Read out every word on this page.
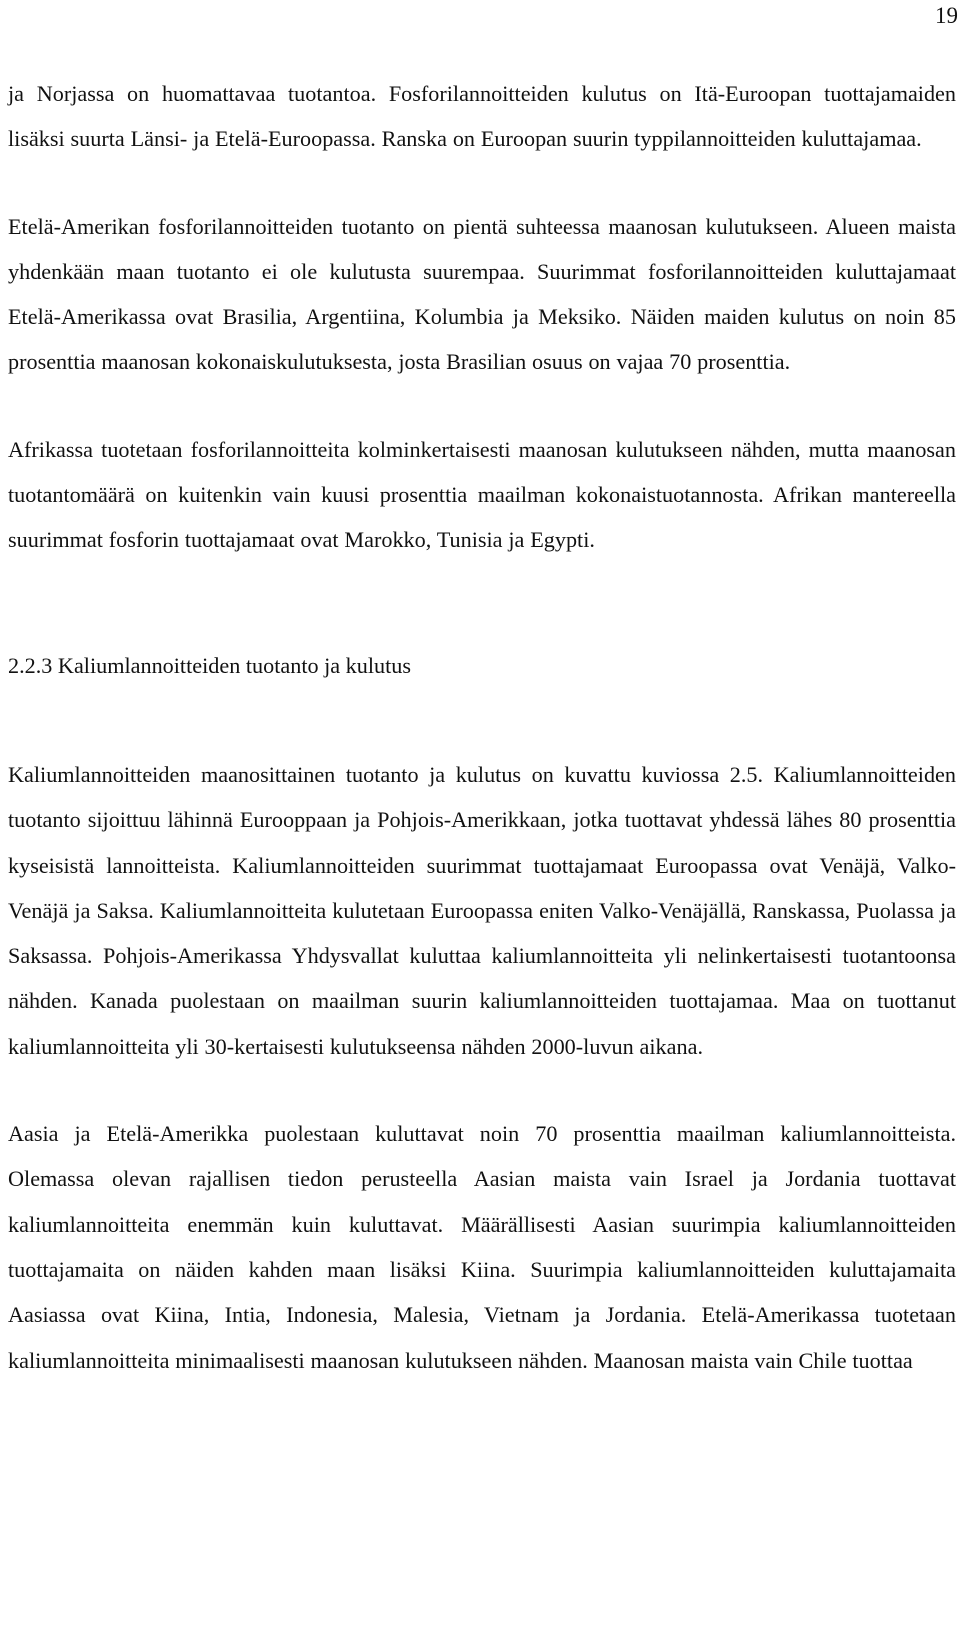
19

ja Norjassa on huomattavaa tuotantoa. Fosforilannoitteiden kulutus on Itä-Euroopan tuottajamaiden lisäksi suurta Länsi- ja Etelä-Euroopassa. Ranska on Euroopan suurin typpilannoitteiden kuluttajamaa.

Etelä-Amerikan fosforilannoitteiden tuotanto on pientä suhteessa maanosan kulutukseen. Alueen maista yhdenkään maan tuotanto ei ole kulutusta suurempaa. Suurimmat fosforilannoitteiden kuluttajamaat Etelä-Amerikassa ovat Brasilia, Argentiina, Kolumbia ja Meksiko. Näiden maiden kulutus on noin 85 prosenttia maanosan kokonaiskulutuksesta, josta Brasilian osuus on vajaa 70 prosenttia.

Afrikassa tuotetaan fosforilannoitteita kolminkertaisesti maanosan kulutukseen nähden, mutta maanosan tuotantomäärä on kuitenkin vain kuusi prosenttia maailman kokonaistuotannosta. Afrikan mantereella suurimmat fosforin tuottajamaat ovat Marokko, Tunisia ja Egypti.

2.2.3 Kaliumlannoitteiden tuotanto ja kulutus

Kaliumlannoitteiden maanosittainen tuotanto ja kulutus on kuvattu kuviossa 2.5. Kaliumlannoitteiden tuotanto sijoittuu lähinnä Eurooppaan ja Pohjois-Amerikkaan, jotka tuottavat yhdessä lähes 80 prosenttia kyseisistä lannoitteista. Kaliumlannoitteiden suurimmat tuottajamaat Euroopassa ovat Venäjä, Valko-Venäjä ja Saksa. Kaliumlannoitteita kulutetaan Euroopassa eniten Valko-Venäjällä, Ranskassa, Puolassa ja Saksassa. Pohjois-Amerikassa Yhdysvallat kuluttaa kaliumlannoitteita yli nelinkertaisesti tuotantoonsa nähden. Kanada puolestaan on maailman suurin kaliumlannoitteiden tuottajamaa. Maa on tuottanut kaliumlannoitteita yli 30-kertaisesti kulutukseensa nähden 2000-luvun aikana.

Aasia ja Etelä-Amerikka puolestaan kuluttavat noin 70 prosenttia maailman kaliumlannoitteista. Olemassa olevan rajallisen tiedon perusteella Aasian maista vain Israel ja Jordania tuottavat kaliumlannoitteita enemmän kuin kuluttavat. Määrällisesti Aasian suurimpia kaliumlannoitteiden tuottajamaita on näiden kahden maan lisäksi Kiina. Suurimpia kaliumlannoitteiden kuluttajamaita Aasiassa ovat Kiina, Intia, Indonesia, Malesia, Vietnam ja Jordania. Etelä-Amerikassa tuotetaan kaliumlannoitteita minimaalisesti maanosan kulutukseen nähden. Maanosan maista vain Chile tuottaa
